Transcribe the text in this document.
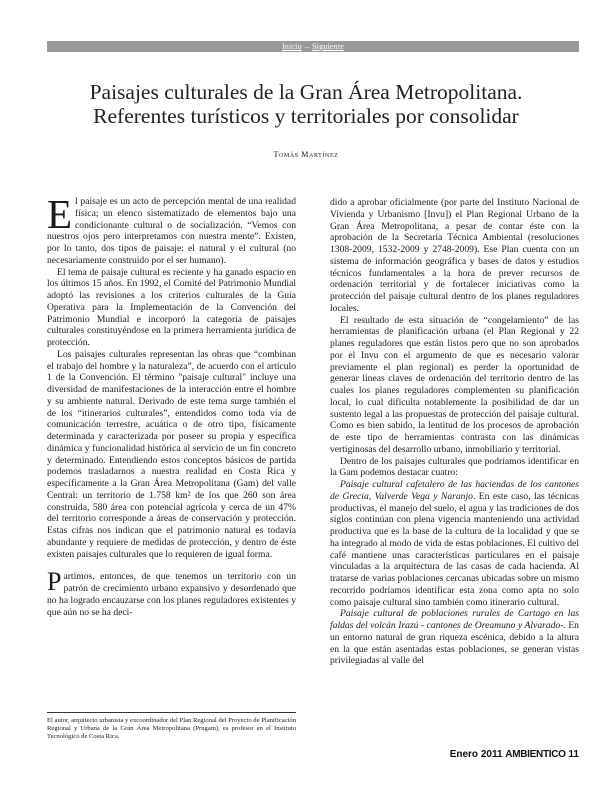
Inicio – Siguiente
Paisajes culturales de la Gran Área Metropolitana.
Referentes turísticos y territoriales por consolidar
Tomás Martínez

El paisaje es un acto de percepción mental de una realidad física; un elenco sistematizado de elementos bajo una condicionante cultural o de socialización. “Vemos con nuestros ojos pero interpretamos con nuestra mente”. Existen, por lo tanto, dos tipos de paisaje: el natural y el cultural (no necesariamente construido por el ser humano).

El tema de paisaje cultural es reciente y ha ganado espacio en los últimos 15 años. En 1992, el Comité del Patrimonio Mundial adoptó las revisiones a los criterios culturales de la Guía Operativa para la Implementación de la Convención del Patrimonio Mundial e incorporó la categoría de paisajes culturales constituyéndose en la primera herramienta jurídica de protección.

Los paisajes culturales representan las obras que “combinan el trabajo del hombre y la naturaleza”, de acuerdo con el artículo 1 de la Convención. El término "paisaje cultural" incluye una diversidad de manifestaciones de la interacción entre el hombre y su ambiente natural. Derivado de este tema surge también el de los “itinerarios culturales”, entendidos como toda vía de comunicación terrestre, acuática o de otro tipo, físicamente determinada y caracterizada por poseer su propia y específica dinámica y funcionalidad histórica al servicio de un fin concreto y determinado. Entendiendo estos conceptos básicos de partida podemos trasladarnos a nuestra realidad en Costa Rica y específicamente a la Gran Área Metropolitana (Gam) del valle Central: un territorio de 1.758 km² de los que 260 son área construida, 580 área con potencial agrícola y cerca de un 47% del territorio corresponde a áreas de conservación y protección. Estas cifras nos indican que el patrimonio natural es todavía abundante y requiere de medidas de protección, y dentro de éste existen paisajes culturales que lo requieren de igual forma.

Partimos, entonces, de que tenemos un territorio con un patrón de crecimiento urbano expansivo y desordenado que no ha logrado encauzarse con los planes reguladores existentes y que aún no se ha deci-

dido a aprobar oficialmente (por parte del Instituto Nacional de Vivienda y Urbanismo [Invu]) el Plan Regional Urbano de la Gran Área Metropolitana, a pesar de contar éste con la aprobación de la Secretaría Técnica Ambiental (resoluciones 1308-2009, 1532-2009 y 2748-2009). Ese Plan cuenta con un sistema de información geográfica y bases de datos y estudios técnicos fundamentales a la hora de prever recursos de ordenación territorial y de fortalecer iniciativas como la protección del paisaje cultural dentro de los planes reguladores locales.

El resultado de esta situación de “congelamiento” de las herramientas de planificación urbana (el Plan Regional y 22 planes reguladores que están listos pero que no son aprobados por el Invu con el argumento de que es necesario valorar previamente el plan regional) es perder la oportunidad de generar líneas claves de ordenación del territorio dentro de las cuales los planes reguladores complementen su planificación local, lo cual dificulta notablemente la posibilidad de dar un sustento legal a las propuestas de protección del paisaje cultural. Como es bien sabido, la lentitud de los procesos de aprobación de este tipo de herramientas contrasta con las dinámicas vertiginosas del desarrollo urbano, inmobiliario y territorial.

Dentro de los paisajes culturales que podríamos identificar en la Gam podemos destacar cuatro:

Paisaje cultural cafetalero de las haciendas de los cantones de Grecia, Valverde Vega y Naranjo. En este caso, las técnicas productivas, el manejo del suelo, el agua y las tradiciones de dos siglos continúan con plena vigencia manteniendo una actividad productiva que es la base de la cultura de la localidad y que se ha integrado al modo de vida de estas poblaciones. El cultivo del café mantiene unas características particulares en el paisaje vinculadas a la arquitectura de las casas de cada hacienda. Al tratarse de varias poblaciones cercanas ubicadas sobre un mismo recorrido podríamos identificar esta zona como apta no solo como paisaje cultural sino también como itinerario cultural.

Paisaje cultural de poblaciones rurales de Cartago en las faldas del volcán Irazú - cantones de Oreamuno y Alvarado-. En un entorno natural de gran riqueza escénica, debido a la altura en la que están asentadas estas poblaciones, se generan vistas privilegiadas al valle del

El autor, arquitecto urbanista y excoordinador del Plan Regional del Proyecto de Planificación Regional y Urbana de la Gran Área Metropolitana (Prugam), es profesor en el Instituto Tecnológico de Costa Rica.
Enero 2011 AMBIENTICO 11
